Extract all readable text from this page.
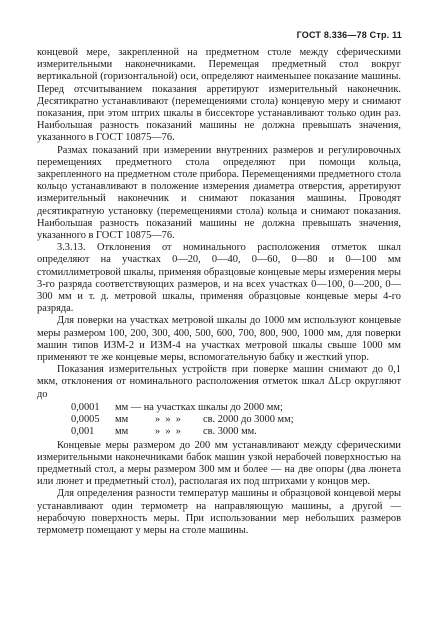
ГОСТ 8.336—78 Стр. 11

концевой мере, закрепленной на предметном столе между сферическими измерительными наконечниками. Перемещая предметный стол вокруг вертикальной (горизонтальной) оси, определяют наименьшее показание машины. Перед отсчитыванием показания арретируют измерительный наконечник. Десятикратно устанавливают (перемещениями стола) концевую меру и снимают показания, при этом штрих шкалы в биссекторе устанавливают только один раз. Наибольшая разность показаний машины не должна превышать значения, указанного в ГОСТ 10875—76.

Размах показаний при измерении внутренних размеров и регулировочных перемещениях предметного стола определяют при помощи кольца, закрепленного на предметном столе прибора. Перемещениями предметного стола кольцо устанавливают в положение измерения диаметра отверстия, арретируют измерительный наконечник и снимают показания машины. Проводят десятикратную установку (перемещениями стола) кольца и снимают показания. Наибольшая разность показаний машины не должна превышать значения, указанного в ГОСТ 10875—76.

3.3.13. Отклонения от номинального расположения отметок шкал определяют на участках 0—20, 0—40, 0—60, 0—80 и 0—100 мм стомиллиметровой шкалы, применяя образцовые концевые меры измерения меры 3-го разряда соответствующих размеров, и на всех участках 0—100, 0—200, 0—300 мм и т. д. метровой шкалы, применяя образцовые концевые меры 4-го разряда.

Для поверки на участках метровой шкалы до 1000 мм используют концевые меры размером 100, 200, 300, 400, 500, 600, 700, 800, 900, 1000 мм, для поверки машин типов ИЗМ-2 и ИЗМ-4 на участках метровой шкалы свыше 1000 мм применяют те же концевые меры, вспомогательную бабку и жесткий упор.

Показания измерительных устройств при поверке машин снимают до 0,1 мкм, отклонения от номинального расположения отметок шкал ΔLср округляют до

0,0001	мм — на участках шкалы до 2000 мм;
0,0005	мм	»  »  »	св. 2000 до 3000 мм;
0,001	мм	»  »  »	св. 3000 мм.

Концевые меры размером до 200 мм устанавливают между сферическими измерительными наконечниками бабок машин узкой нерабочей поверхностью на предметный стол, а меры размером 300 мм и более — на две опоры (два люнета или люнет и предметный стол), располагая их под штрихами у концов мер.

Для определения разности температур машины и образцовой концевой меры устанавливают один термометр на направляющую машины, а другой — нерабочую поверхность меры. При использовании мер небольших размеров термометр помещают у меры на столе машины.
